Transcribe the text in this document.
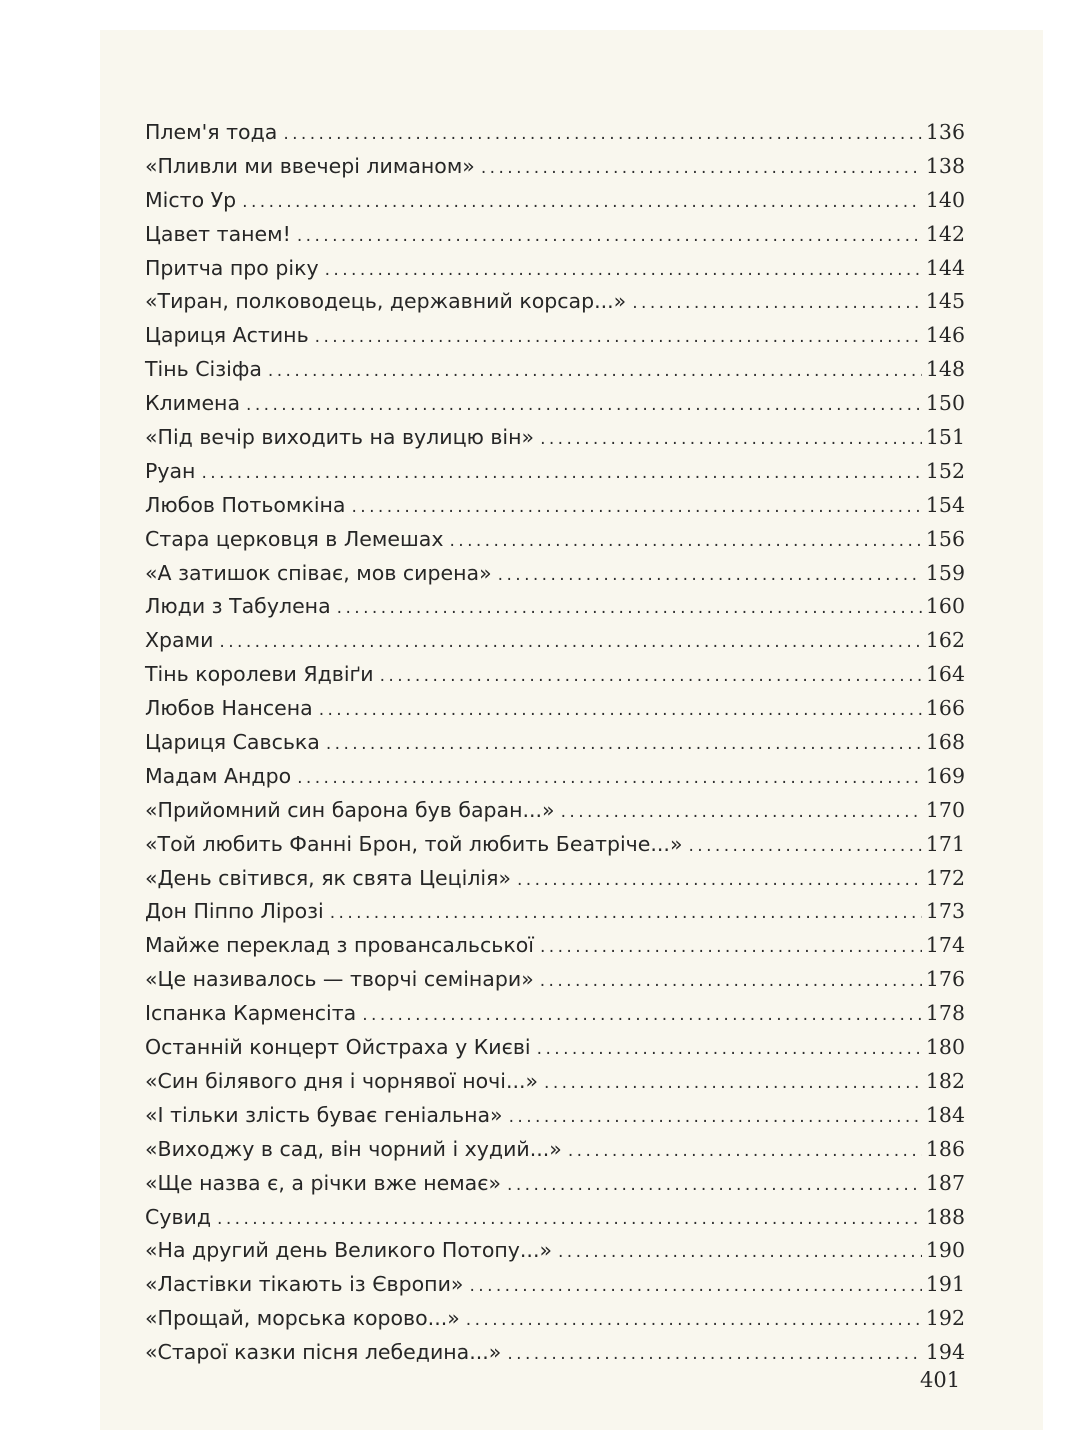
Плем'я тода . . .	136
«Пливли ми ввечері лиманом» . . .	138
Місто Ур . . .	140
Цавет танем! . . .	142
Притча про ріку . . .	144
«Тиран, полководець, державний корсар...» . . .	145
Цариця Астинь . . .	146
Тінь Сізіфа . . .	148
Климена . . .	150
«Під вечір виходить на вулицю він» . . .	151
Руан . . .	152
Любов Потьомкіна . . .	154
Стара церковця в Лемешах . . .	156
«А затишок співає, мов сирена» . . .	159
Люди з Табулена . . .	160
Храми . . .	162
Тінь королеви Ядвіґи . . .	164
Любов Нансена . . .	166
Цариця Савська . . .	168
Мадам Андро . . .	169
«Прийомний син барона був баран...» . . .	170
«Той любить Фанні Брон, той любить Беатріче...» . . .	171
«День світився, як свята Цецілія» . . .	172
Дон Піппо Лірозі . . .	173
Майже переклад з провансальської . . .	174
«Це називалось — творчі семінари» . . .	176
Іспанка Карменсіта . . .	178
Останній концерт Ойстраха у Києві . . .	180
«Син білявого дня і чорнявої ночі...» . . .	182
«І тільки злість буває геніальна» . . .	184
«Виходжу в сад, він чорний і худий...» . . .	186
«Ще назва є, а річки вже немає» . . .	187
Сувид . . .	188
«На другий день Великого Потопу...» . . .	190
«Ластівки тікають із Європи» . . .	191
«Прощай, морська корово...» . . .	192
«Старої казки пісня лебедина...» . . .	194
401
